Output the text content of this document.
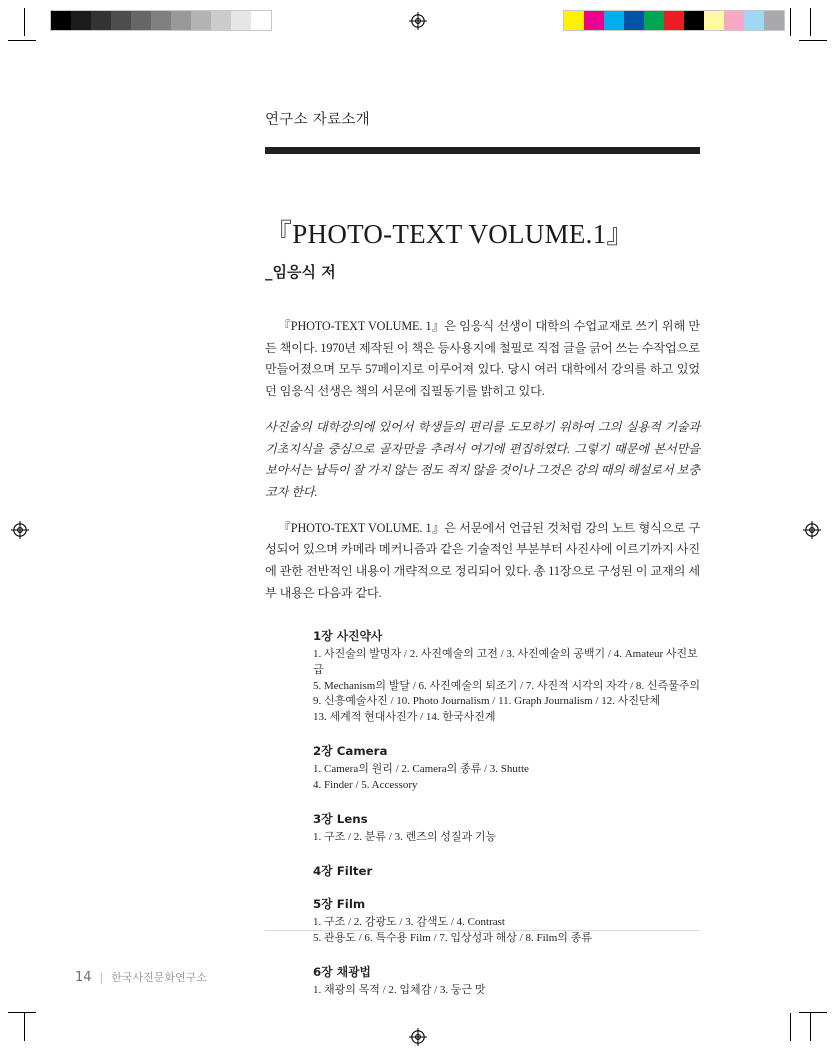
연구소 자료소개
『PHOTO-TEXT VOLUME.1』
_임응식 저

『PHOTO-TEXT VOLUME. 1』은 임응식 선생이 대학의 수업교재로 쓰기 위해 만든 책이다. 1970년 제작된 이 책은 등사용지에 철필로 직접 글을 긁어 쓰는 수작업으로 만들어졌으며 모두 57페이지로 이루어져 있다. 당시 여러 대학에서 강의를 하고 있었던 임응식 선생은 책의 서문에 집필동기를 밝히고 있다.

사진술의 대학강의에 있어서 학생들의 편리를 도모하기 위하여 그의 실용적 기술과 기초지식을 중심으로 골자만을 추려서 여기에 편집하였다. 그렇기 때문에 본서만을 보아서는 납득이 잘 가지 않는 점도 적지 않을 것이나 그것은 강의 때의 해설로서 보충코자 한다.

『PHOTO-TEXT VOLUME. 1』은 서문에서 언급된 것처럼 강의 노트 형식으로 구성되어 있으며 카메라 메커니즘과 같은 기술적인 부분부터 사진사에 이르기까지 사진에 관한 전반적인 내용이 개략적으로 정리되어 있다. 총 11장으로 구성된 이 교재의 세부 내용은 다음과 같다.

1장 사진약사

1. 사진술의 발명자 / 2. 사진예술의 고전 / 3. 사진예술의 공백기 / 4. Amateur 사진보급

5. Mechanism의 발달 / 6. 사진예술의 퇴조기 / 7. 사진적 시각의 자각 / 8. 신즉물주의

9. 신흥예술사진 / 10. Photo Journalism / 11. Graph Journalism / 12. 사진단체

13. 세계적 현대사진가 / 14. 한국사진계

2장 Camera

1. Camera의 원리 / 2. Camera의 종류 / 3. Shutte

4. Finder / 5. Accessory

3장 Lens

1. 구조 / 2. 분류 / 3. 렌즈의 성질과 기능

4장 Filter
5장 Film

1. 구조 / 2. 감광도 / 3. 감색도 / 4. Contrast

5. 관용도 / 6. 특수용 Film / 7. 입상성과 해상 / 8. Film의 종류

6장 채광법

1. 채광의 목적 / 2. 입체감 / 3. 둥근 맛

14 | 한국사진문화연구소
